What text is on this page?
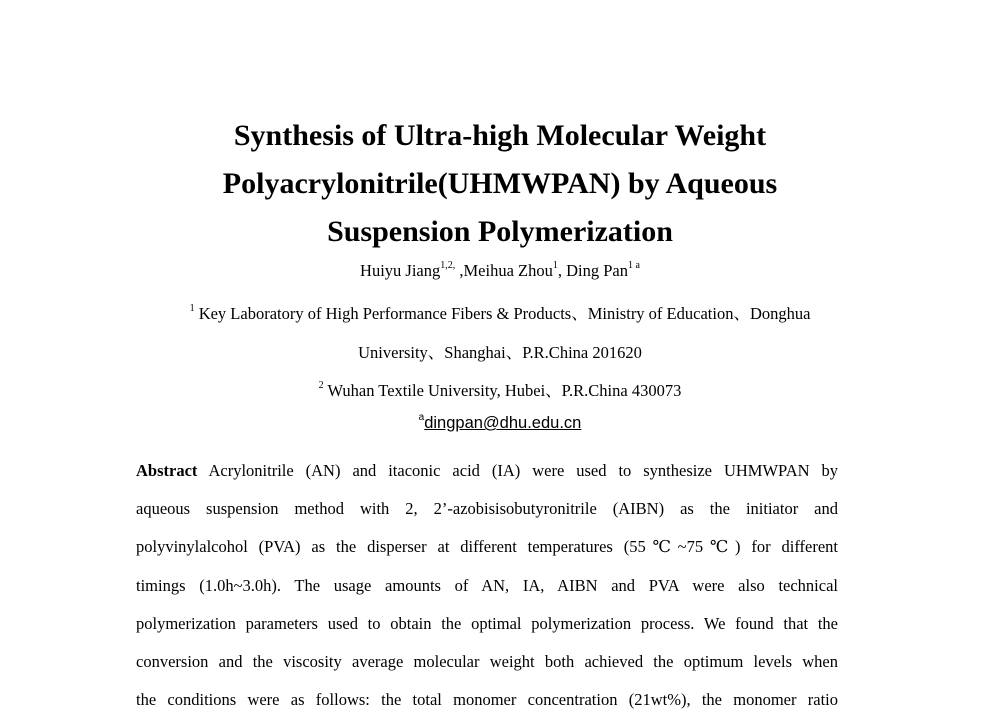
Synthesis of Ultra-high Molecular Weight
Polyacrylonitrile(UHMWPAN) by Aqueous
Suspension Polymerization
Huiyu Jiang$^{1,2,}$ ,Meihua Zhou$^1$, Ding Pan$^{1 a}$
$^1$ Key Laboratory of High Performance Fibers & Products、Ministry of Education、Donghua
University、Shanghai、P.R.China 201620
$^2$ Wuhan Textile University, Hubei、P.R.China 430073
$^a$dingpan@dhu.edu.cn
Abstract Acrylonitrile (AN) and itaconic acid (IA) were used to synthesize UHMWPAN by
aqueous suspension method with 2, 2’-azobisisobutyronitrile (AIBN) as the initiator and
polyvinylalcohol (PVA) as the disperser at different temperatures (55℃~75℃) for different
timings (1.0h~3.0h). The usage amounts of AN, IA, AIBN and PVA were also technical
polymerization parameters used to obtain the optimal polymerization process. We found that the
conversion and the viscosity average molecular weight both achieved the optimum levels when
the conditions were as follows: the total monomer concentration (21wt%), the monomer ratio
